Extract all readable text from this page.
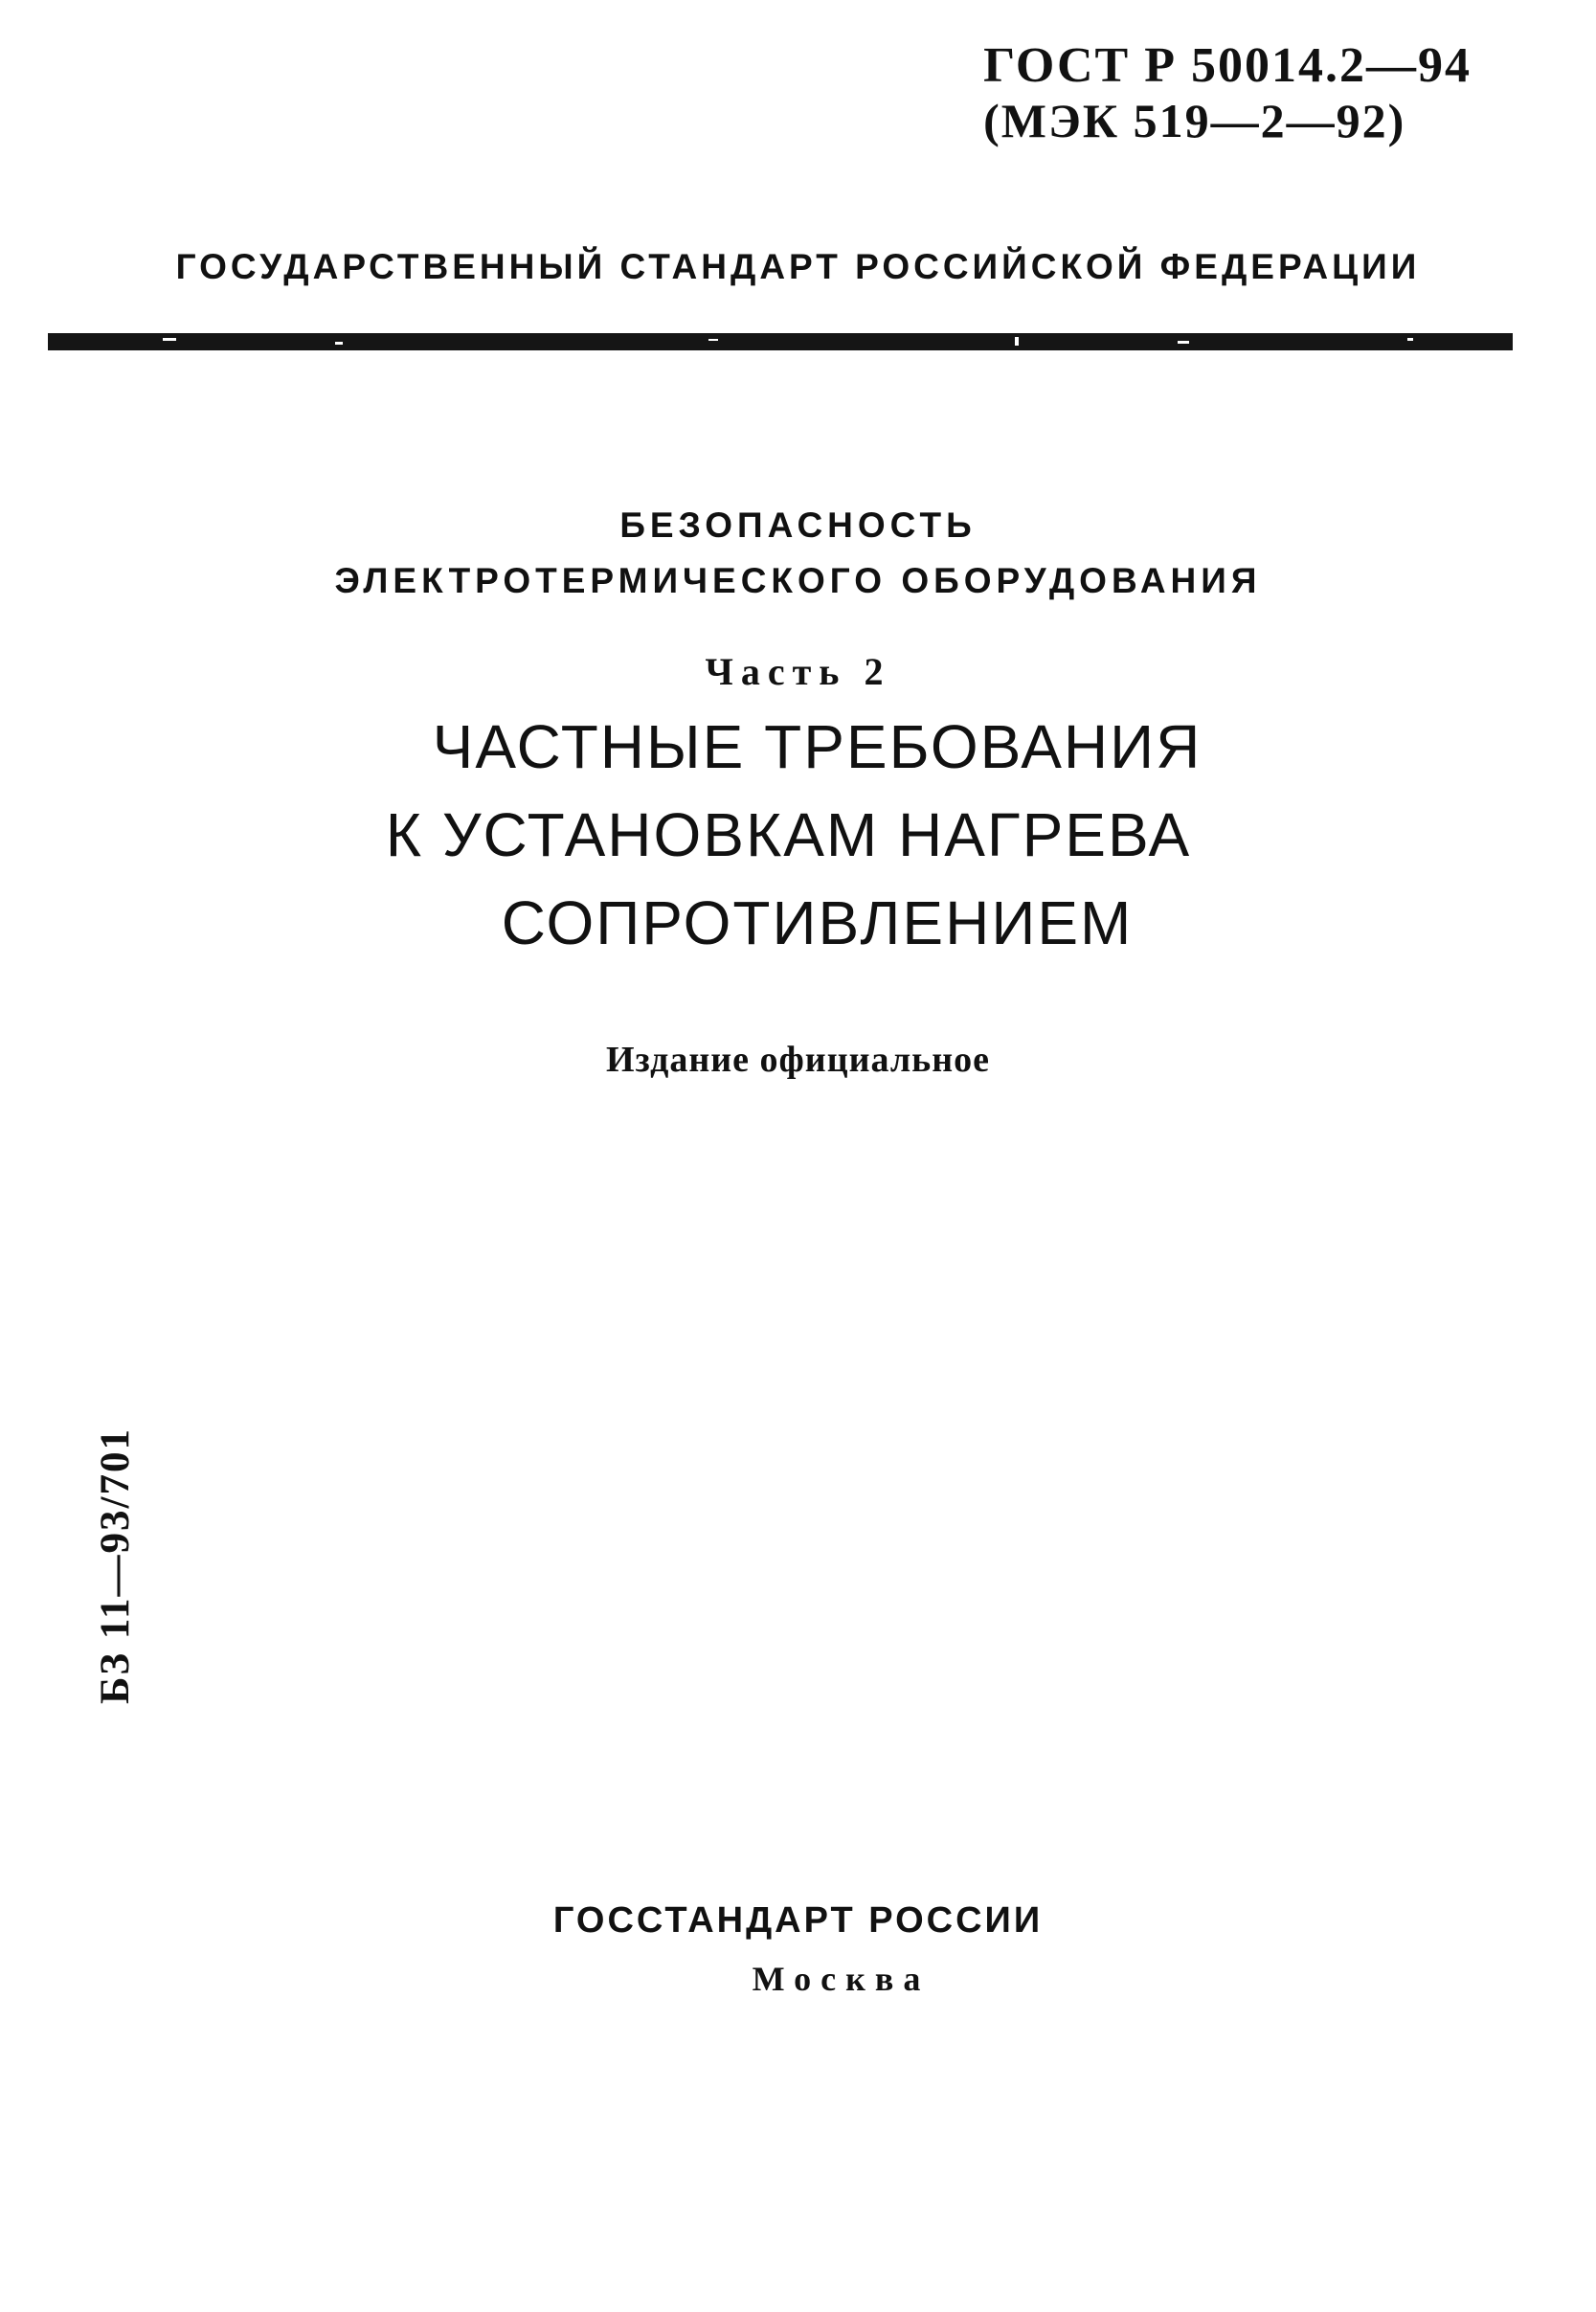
ГОСТ Р 50014.2—94
(МЭК 519—2—92)
ГОСУДАРСТВЕННЫЙ СТАНДАРТ РОССИЙСКОЙ ФЕДЕРАЦИИ
БЕЗОПАСНОСТЬ
ЭЛЕКТРОТЕРМИЧЕСКОГО ОБОРУДОВАНИЯ
Часть 2
ЧАСТНЫЕ ТРЕБОВАНИЯ
К УСТАНОВКАМ НАГРЕВА
СОПРОТИВЛЕНИЕМ
Издание официальное
БЗ 11—93/701
ГОССТАНДАРТ РОССИИ
Москва
